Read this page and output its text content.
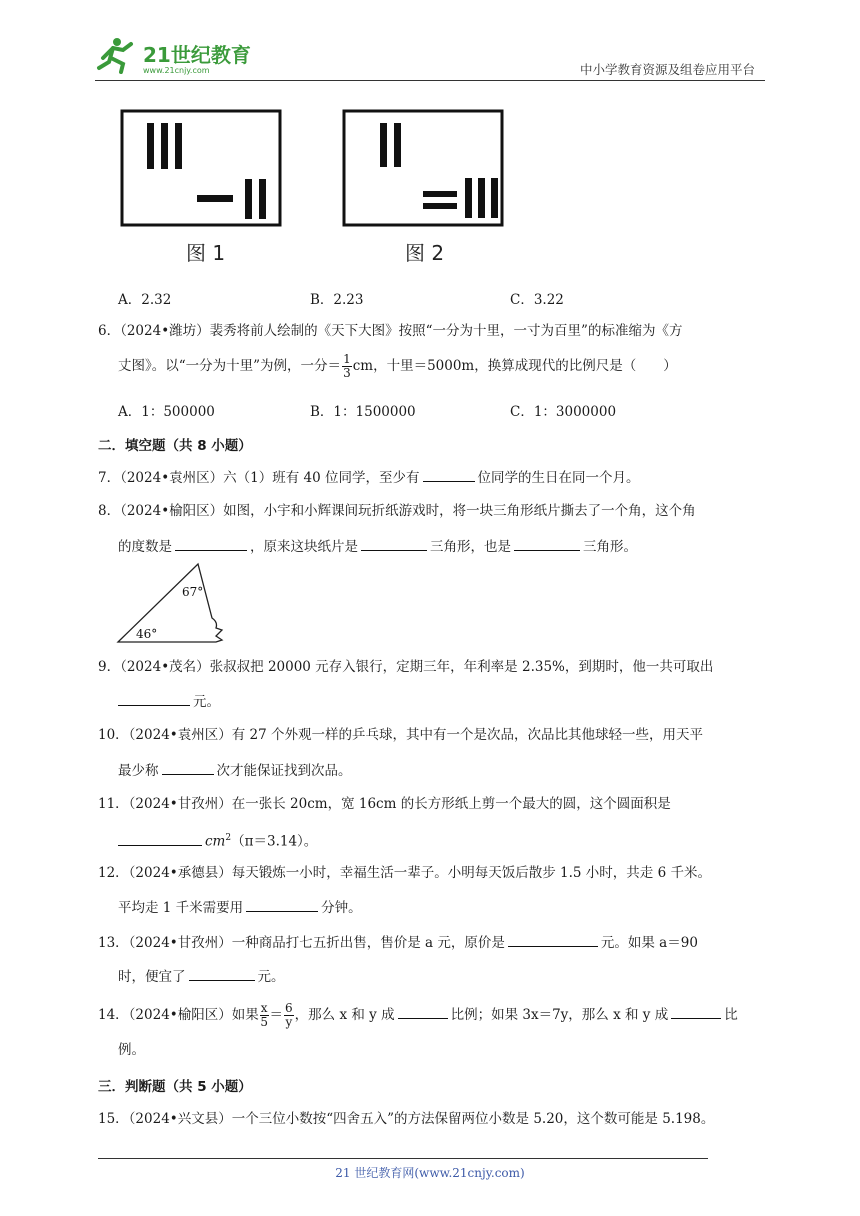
21世纪教育
www.21cnjy.com	中小学教育资源及组卷应用平台
图 1	图 2
A．2.32	B．2.23	C．3.22
6．（2024•潍坊）裴秀将前人绘制的《天下大图》按照“一分为十里，一寸为百里”的标准缩为《方
丈图》。以“一分为十里”为例，一分＝ $\frac{1}{3}$ cm，十里＝5000m，换算成现代的比例尺是（　　）
A．1：500000	B．1：1500000	C．1：3000000
二．填空题（共 8 小题）
7．（2024•袁州区）六（1）班有 40 位同学，至少有	位同学的生日在同一个月。
8．（2024•榆阳区）如图，小宇和小辉课间玩折纸游戏时，将一块三角形纸片撕去了一个角，这个角
的度数是	，原来这块纸片是	三角形，也是	三角形。
67°
46°
9．（2024•茂名）张叔叔把 20000 元存入银行，定期三年，年利率是 2.35%，到期时，他一共可取出
元。
10．（2024•袁州区）有 27 个外观一样的乒乓球，其中有一个是次品，次品比其他球轻一些，用天平
最少称	次才能保证找到次品。
11．（2024•甘孜州）在一张长 20cm，宽 16cm 的长方形纸上剪一个最大的圆，这个圆面积是
$cm^2(\pi=3.14)$。
12．（2024•承德县）每天锻炼一小时，幸福生活一辈子。小明每天饭后散步 1.5 小时，共走 6 千米。
平均走 1 千米需要用	分钟。
13．（2024•甘孜州）一种商品打七五折出售，售价是 a 元，原价是	元。如果 a＝90
时，便宜了	元。
14．（2024•榆阳区）如果 $\frac{x}{5} = \frac{6}{y}$ ，那么 x 和 y 成	比例；如果 3x＝7y，那么 x 和 y 成	比
例。
三．判断题（共 5 小题）
15．（2024•兴文县）一个三位小数按“四舍五入”的方法保留两位小数是 5.20，这个数可能是 5.198。
21 世纪教育网(www.21cnjy.com)
